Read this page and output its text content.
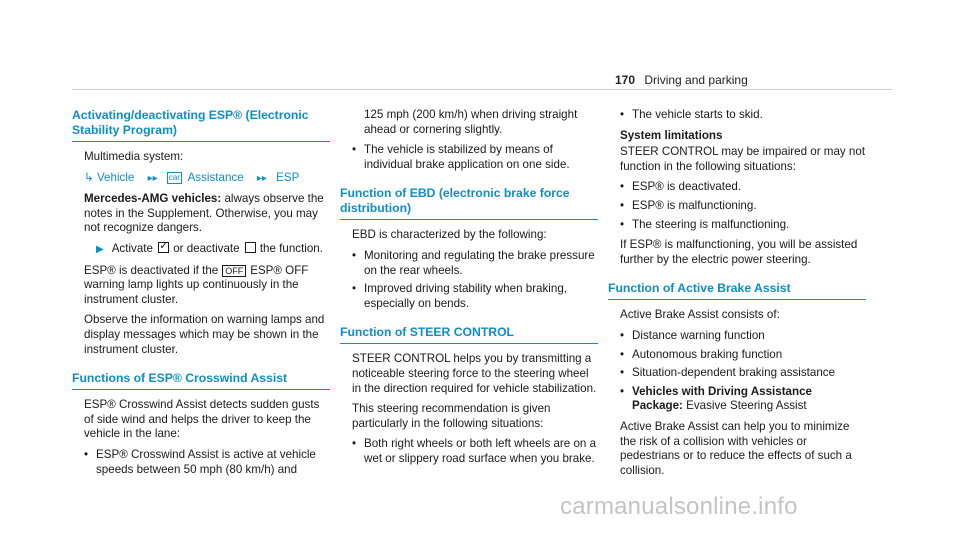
170 Driving and parking
Activating/deactivating ESP® (Electronic Stability Program)

Multimedia system:

↳ Vehicle ▸▸ car Assistance ▸▸ ESP

Mercedes-AMG vehicles: always observe the notes in the Supplement. Otherwise, you may not recognize dangers.

▶ Activate ✓ or deactivate the function.

ESP® is deactivated if the OFF ESP® OFF warning lamp lights up continuously in the instrument cluster.

Observe the information on warning lamps and display messages which may be shown in the instrument cluster.

Functions of ESP® Crosswind Assist

ESP® Crosswind Assist detects sudden gusts of side wind and helps the driver to keep the vehicle in the lane:

• ESP® Crosswind Assist is active at vehicle speeds between 50 mph (80 km/h) and

125 mph (200 km/h) when driving straight ahead or cornering slightly.

• The vehicle is stabilized by means of individual brake application on one side.
Function of EBD (electronic brake force distribution)

EBD is characterized by the following:

• Monitoring and regulating the brake pressure on the rear wheels.
• Improved driving stability when braking, especially on bends.
Function of STEER CONTROL

STEER CONTROL helps you by transmitting a noticeable steering force to the steering wheel in the direction required for vehicle stabilization.

This steering recommendation is given particularly in the following situations:

• Both right wheels or both left wheels are on a wet or slippery road surface when you brake.
• The vehicle starts to skid.

System limitations

STEER CONTROL may be impaired or may not function in the following situations:

• ESP® is deactivated.
• ESP® is malfunctioning.
• The steering is malfunctioning.

If ESP® is malfunctioning, you will be assisted further by the electric power steering.

Function of Active Brake Assist

Active Brake Assist consists of:

• Distance warning function
• Autonomous braking function
• Situation-dependent braking assistance
• Vehicles with Driving Assistance Package: Evasive Steering Assist

Active Brake Assist can help you to minimize the risk of a collision with vehicles or pedestrians or to reduce the effects of such a collision.

carmanualsonline.info
